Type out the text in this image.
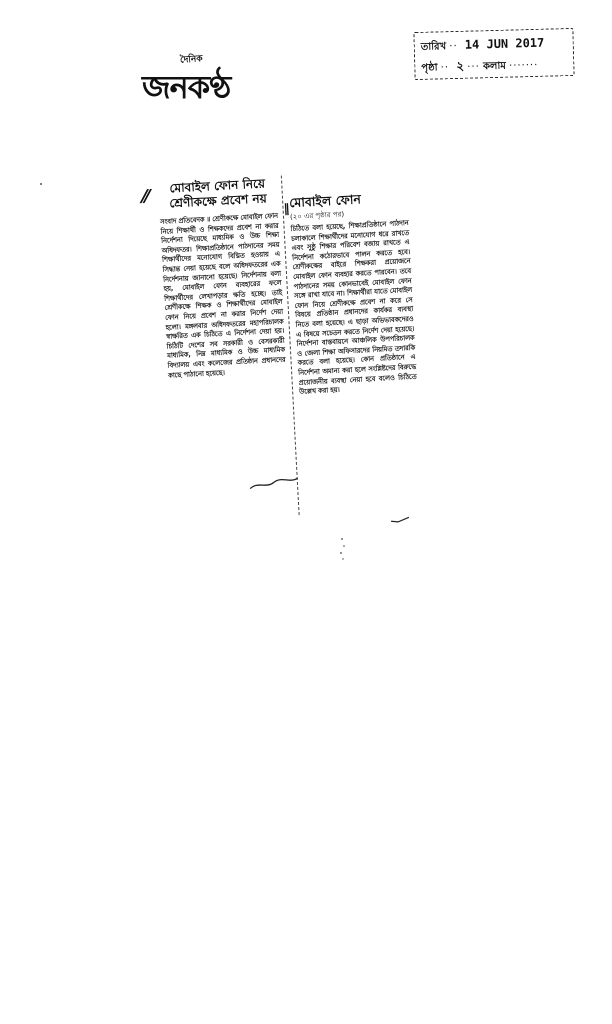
দৈনিক
জনকণ্ঠ
তারিখ ·· 14 JUN 2017
পৃষ্ঠা ·· ২ ··· কলাম ·······
⁄⁄
‖
মোবাইল ফোন নিয়ে শ্রেণীকক্ষে প্রবেশ নয়
সংবাদ প্রতিবেদক ॥ শ্রেণীকক্ষে মোবাইল ফোন নিয়ে শিক্ষার্থী ও শিক্ষকদের প্রবেশ না করার নির্দেশনা দিয়েছে মাধ্যমিক ও উচ্চ শিক্ষা অধিদফতর। শিক্ষাপ্রতিষ্ঠানে পাঠদানের সময় শিক্ষার্থীদের মনোযোগ বিঘ্নিত হওয়ায় এ সিদ্ধান্ত নেয়া হয়েছে বলে অধিদফতরের এক নির্দেশনায় জানানো হয়েছে। নির্দেশনায় বলা হয়, মোবাইল ফোন ব্যবহারের ফলে শিক্ষার্থীদের লেখাপড়ার ক্ষতি হচ্ছে। তাই শ্রেণীকক্ষে শিক্ষক ও শিক্ষার্থীদের মোবাইল ফোন নিয়ে প্রবেশ না করার নির্দেশ দেয়া হলো। মঙ্গলবার অধিদফতরের মহাপরিচালক স্বাক্ষরিত এক চিঠিতে এ নির্দেশনা দেয়া হয়। চিঠিটি দেশের সব সরকারী ও বেসরকারী মাধ্যমিক, নিম্ন মাধ্যমিক ও উচ্চ মাধ্যমিক বিদ্যালয় এবং কলেজের প্রতিষ্ঠান প্রধানদের কাছে পাঠানো হয়েছে।
মোবাইল ফোন
(২০ এর পৃষ্ঠার পর)
চিঠিতে বলা হয়েছে, শিক্ষাপ্রতিষ্ঠানে পাঠদান চলাকালে শিক্ষার্থীদের মনোযোগ ধরে রাখতে এবং সুষ্ঠু শিক্ষার পরিবেশ বজায় রাখতে এ নির্দেশনা কঠোরভাবে পালন করতে হবে। শ্রেণীকক্ষের বাইরে শিক্ষকরা প্রয়োজনে মোবাইল ফোন ব্যবহার করতে পারবেন। তবে পাঠদানের সময় কোনভাবেই মোবাইল ফোন সঙ্গে রাখা যাবে না। শিক্ষার্থীরা যাতে মোবাইল ফোন নিয়ে শ্রেণীকক্ষে প্রবেশ না করে সে বিষয়ে প্রতিষ্ঠান প্রধানদের কার্যকর ব্যবস্থা নিতে বলা হয়েছে। এ ছাড়া অভিভাবকদেরও এ বিষয়ে সচেতন করতে নির্দেশ দেয়া হয়েছে। নির্দেশনা বাস্তবায়নে আঞ্চলিক উপপরিচালক ও জেলা শিক্ষা অফিসারদের নিয়মিত তদারকি করতে বলা হয়েছে। কোন প্রতিষ্ঠানে এ নির্দেশনা অমান্য করা হলে সংশ্লিষ্টদের বিরুদ্ধে প্রয়োজনীয় ব্যবস্থা নেয়া হবে বলেও চিঠিতে উল্লেখ করা হয়।
